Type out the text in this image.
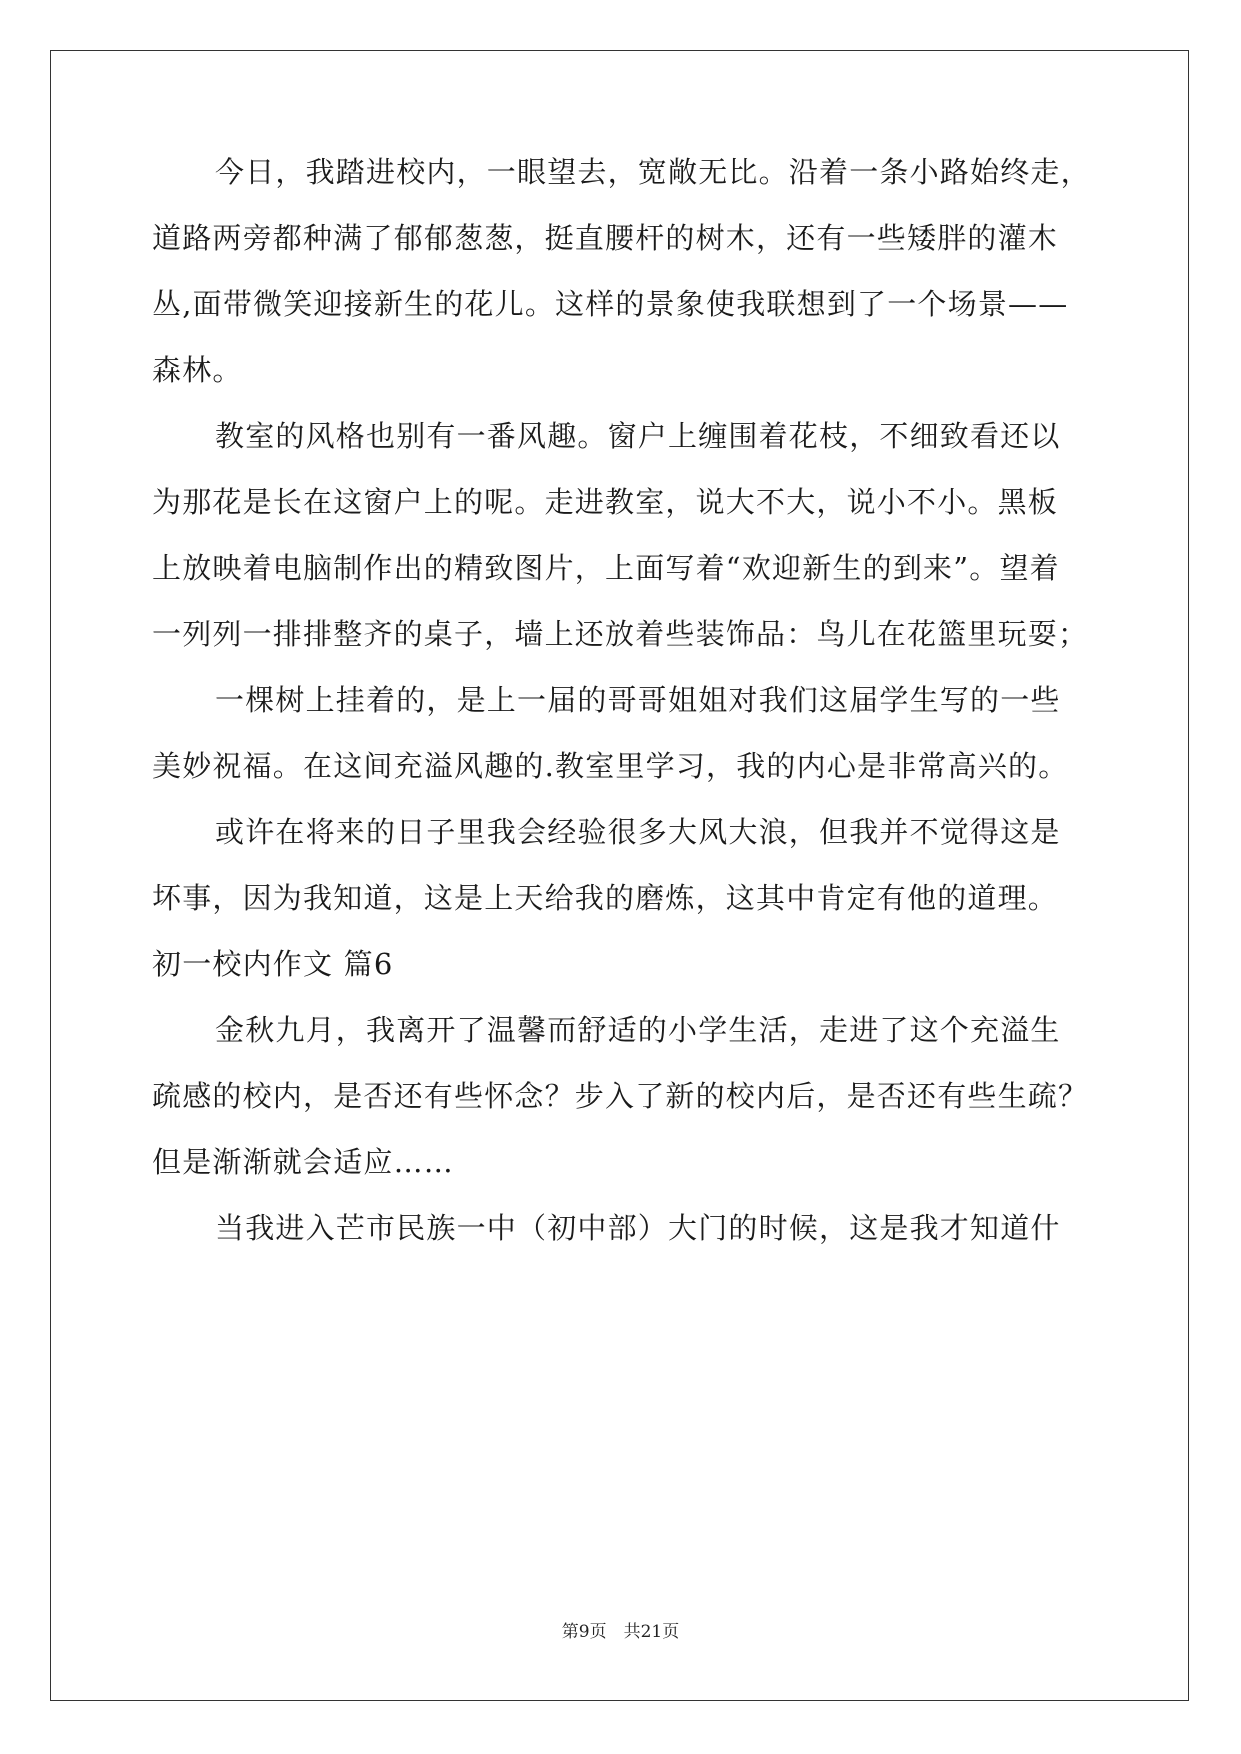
今日，我踏进校内，一眼望去，宽敞无比。沿着一条小路始终走，
道路两旁都种满了郁郁葱葱，挺直腰杆的树木，还有一些矮胖的灌木
丛,面带微笑迎接新生的花儿。这样的景象使我联想到了一个场景——
森林。
教室的风格也别有一番风趣。窗户上缠围着花枝，不细致看还以
为那花是长在这窗户上的呢。走进教室，说大不大，说小不小。黑板
上放映着电脑制作出的精致图片，上面写着“欢迎新生的到来”。望着
一列列一排排整齐的桌子，墙上还放着些装饰品：鸟儿在花篮里玩耍；
一棵树上挂着的，是上一届的哥哥姐姐对我们这届学生写的一些
美妙祝福。在这间充溢风趣的.教室里学习，我的内心是非常高兴的。
或许在将来的日子里我会经验很多大风大浪，但我并不觉得这是
坏事，因为我知道，这是上天给我的磨炼，这其中肯定有他的道理。
初一校内作文 篇6
金秋九月，我离开了温馨而舒适的小学生活，走进了这个充溢生
疏感的校内，是否还有些怀念？步入了新的校内后，是否还有些生疏？
但是渐渐就会适应……
当我进入芒市民族一中（初中部）大门的时候，这是我才知道什
第9页　共21页
